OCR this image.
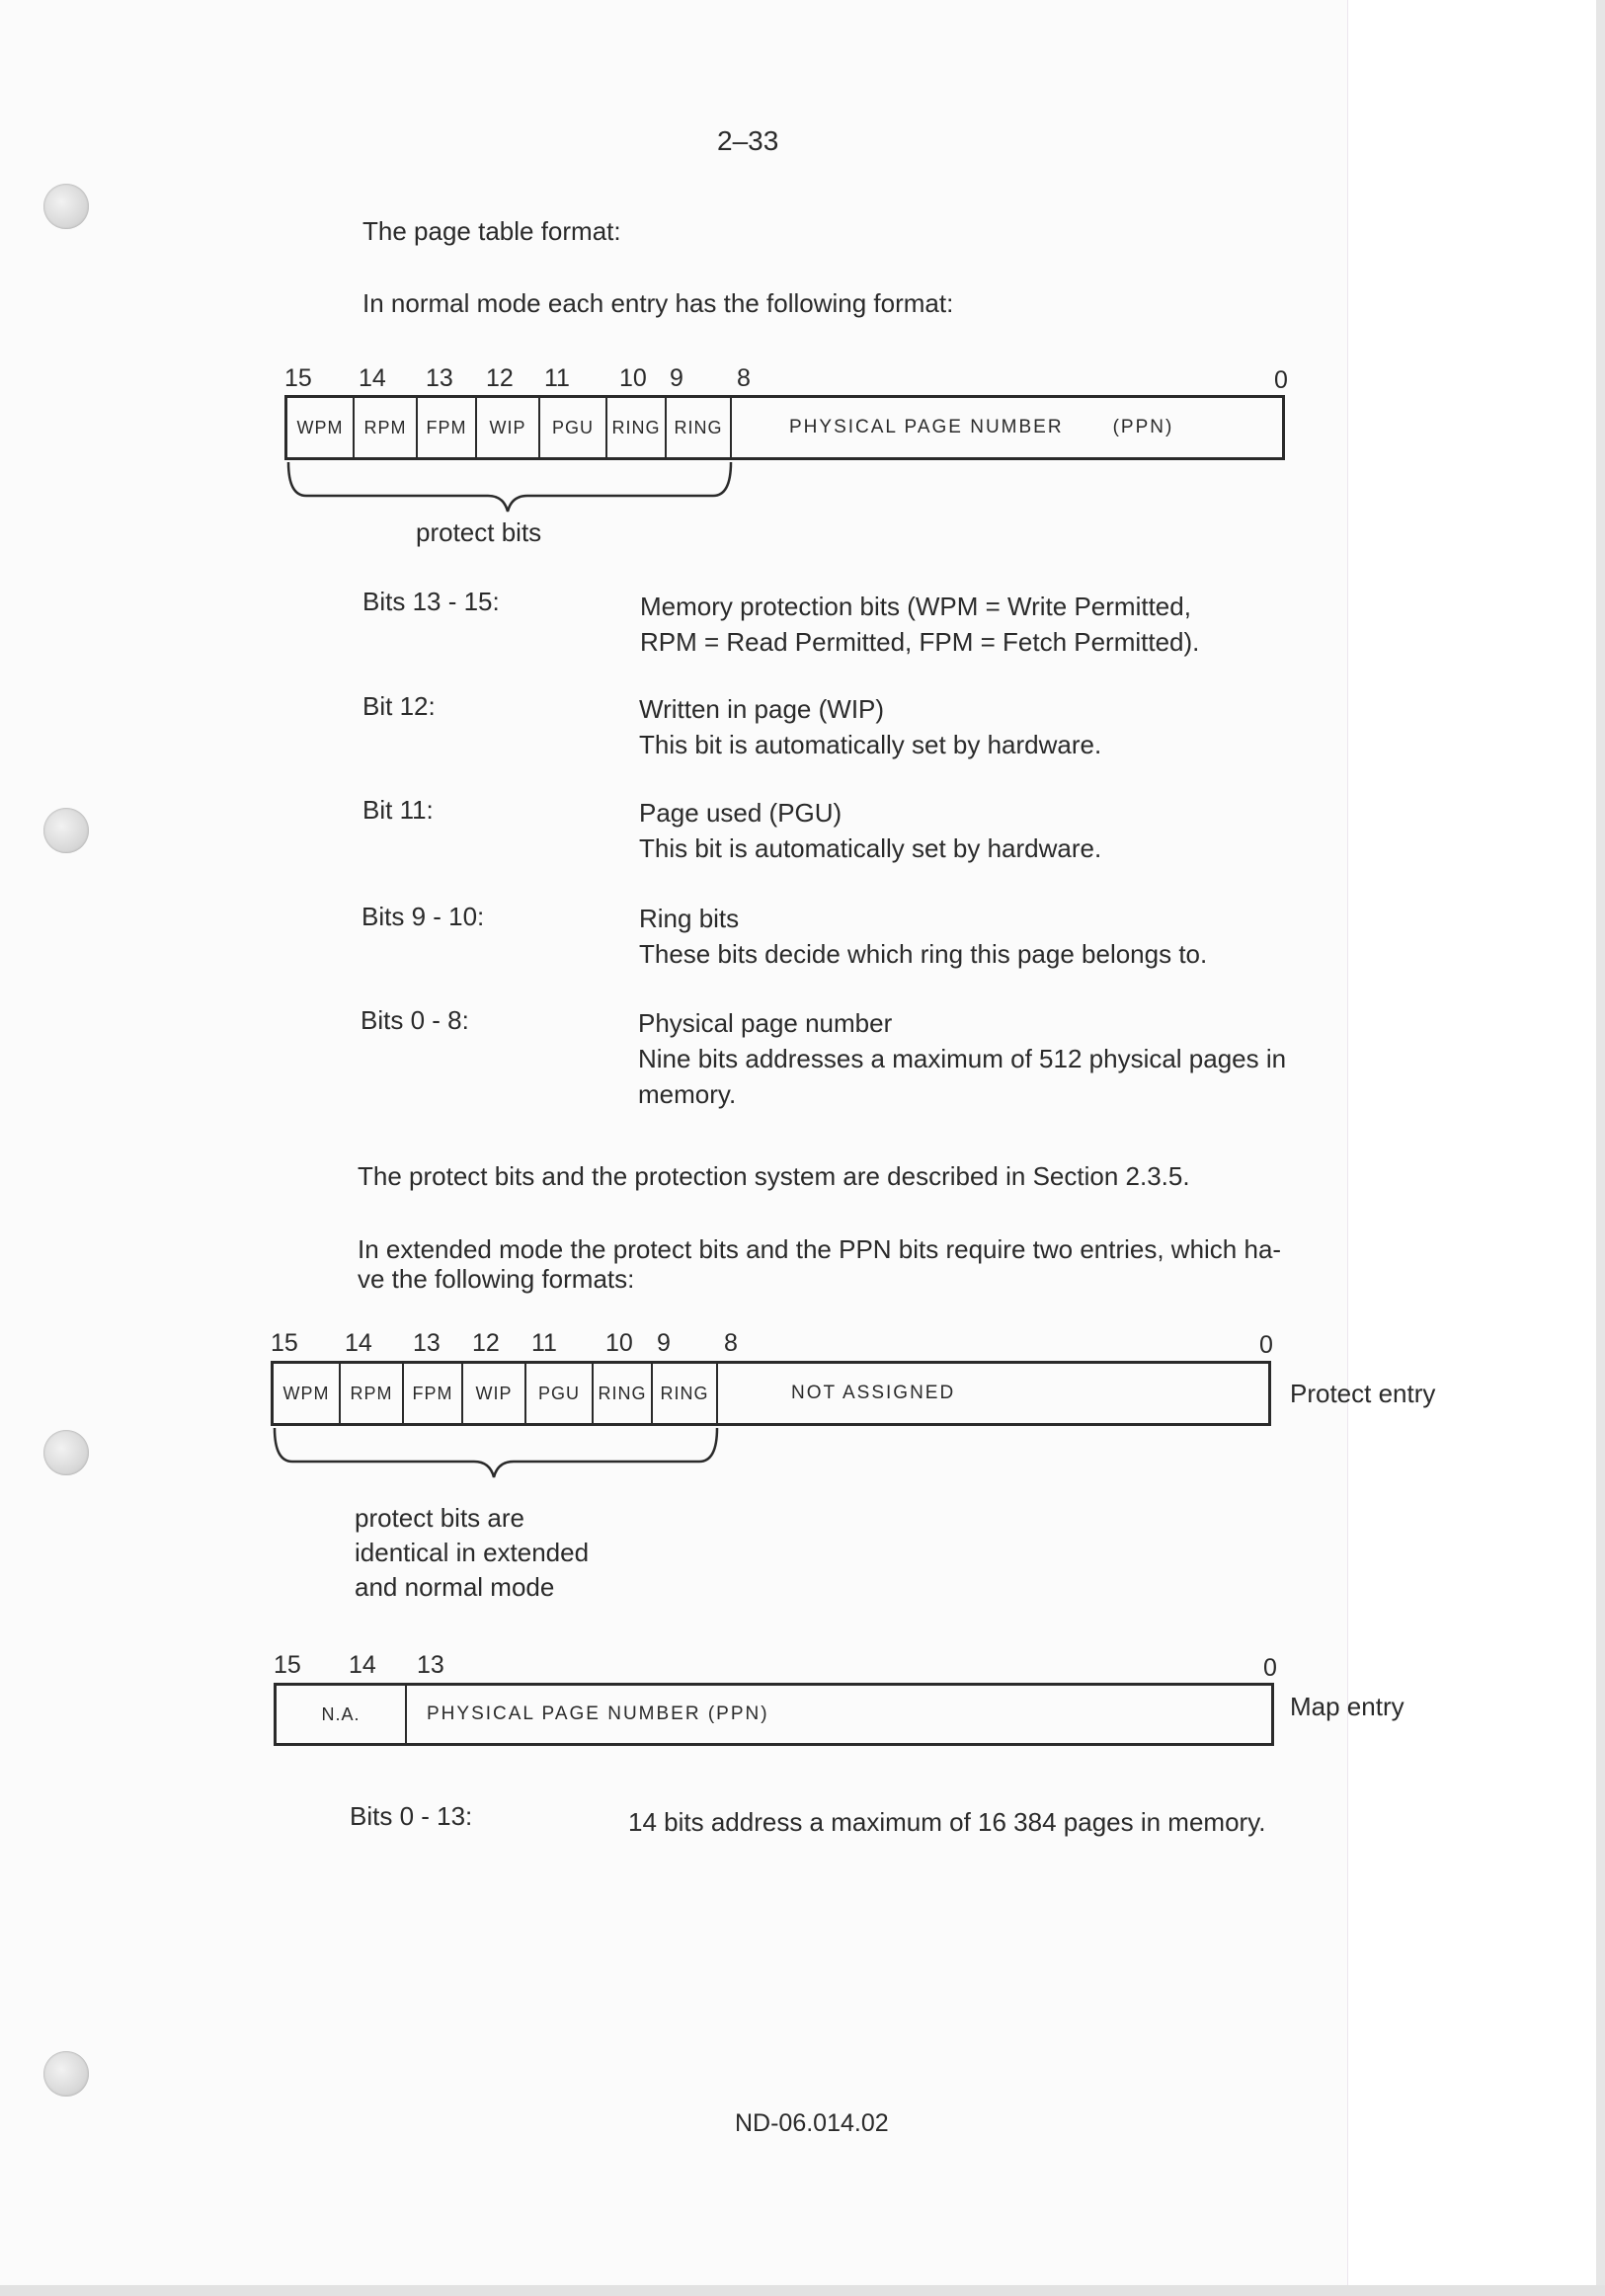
2–33
The page table format:
In normal mode each entry has the following format:
15 14 13 12 11 10 9 8	0
WPM	RPM	FPM	WIP	PGU	RING RING	PHYSICAL PAGE NUMBER	(PPN)
protect bits
Bits 13 - 15:	Memory protection bits (WPM = Write Permitted,
RPM = Read Permitted, FPM = Fetch Permitted).
Bit 12:	Written in page (WIP)
This bit is automatically set by hardware.
Bit 11:	Page used (PGU)
This bit is automatically set by hardware.
Bits 9 - 10:	Ring bits
These bits decide which ring this page belongs to.
Bits 0 - 8:	Physical page number
Nine bits addresses a maximum of 512 physical pages in
memory.
The protect bits and the protection system are described in Section 2.3.5.
In extended mode the protect bits and the PPN bits require two entries, which ha-
ve the following formats:
15 14 13 12 11 10 9 8	0
WPM	RPM	FPM	WIP	PGU	RING RING	NOT ASSIGNED	Protect entry
protect bits are
identical in extended
and normal mode
15 14 13	0
N.A.	PHYSICAL PAGE NUMBER (PPN)	Map entry
Bits 0 - 13:	14 bits address a maximum of 16 384 pages in memory.
ND-06.014.02
